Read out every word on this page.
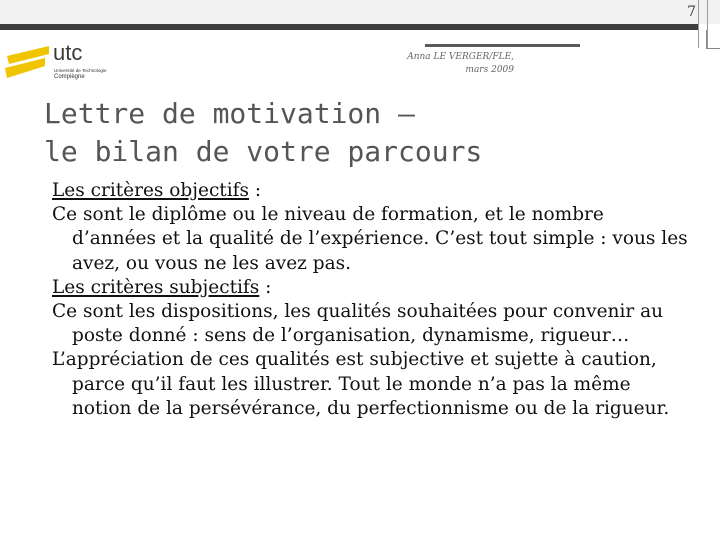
7
utc
Université de Technologie
Compiègne
Anna LE VERGER/FLE,
mars 2009
Lettre de motivation –
le bilan de votre parcours

Les critères objectifs :

Ce sont le diplôme ou le niveau de formation, et le nombre d’années et la qualité de l’expérience. C’est tout simple : vous les avez, ou vous ne les avez pas.

Les critères subjectifs :

Ce sont les dispositions, les qualités souhaitées pour convenir au poste donné : sens de l’organisation, dynamisme, rigueur…

L’appréciation de ces qualités est subjective et sujette à caution, parce qu’il faut les illustrer. Tout le monde n’a pas la même notion de la persévérance, du perfectionnisme ou de la rigueur.
